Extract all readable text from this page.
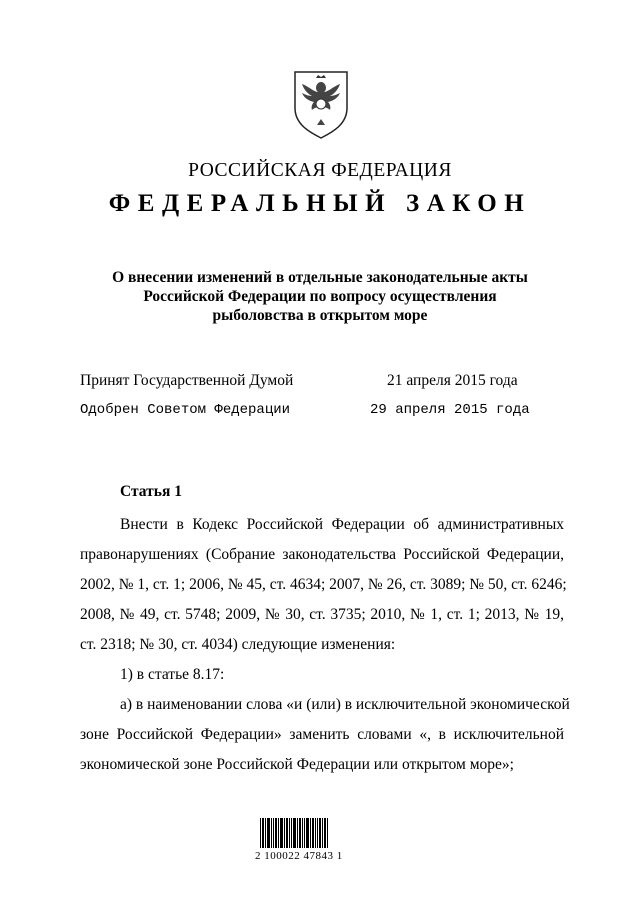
РОССИЙСКАЯ ФЕДЕРАЦИЯ
ФЕДЕРАЛЬНЫЙ ЗАКОН
О внесении изменений в отдельные законодательные акты
Российской Федерации по вопросу осуществления
рыболовства в открытом море
Принят Государственной Думой	21 апреля 2015 года
Одобрен Советом Федерации	29 апреля 2015 года
Статья 1
Внести в Кодекс Российской Федерации об административных
правонарушениях (Собрание законодательства Российской Федерации,
2002, № 1, ст. 1; 2006, № 45, ст. 4634; 2007, № 26, ст. 3089; № 50, ст. 6246;
2008, № 49, ст. 5748; 2009, № 30, ст. 3735; 2010, № 1, ст. 1; 2013, № 19,
ст. 2318; № 30, ст. 4034) следующие изменения:
1) в статье 8.17:
а) в наименовании слова «и (или) в исключительной экономической
зоне Российской Федерации» заменить словами «, в исключительной
экономической зоне Российской Федерации или открытом море»;
2 100022 47843 1
